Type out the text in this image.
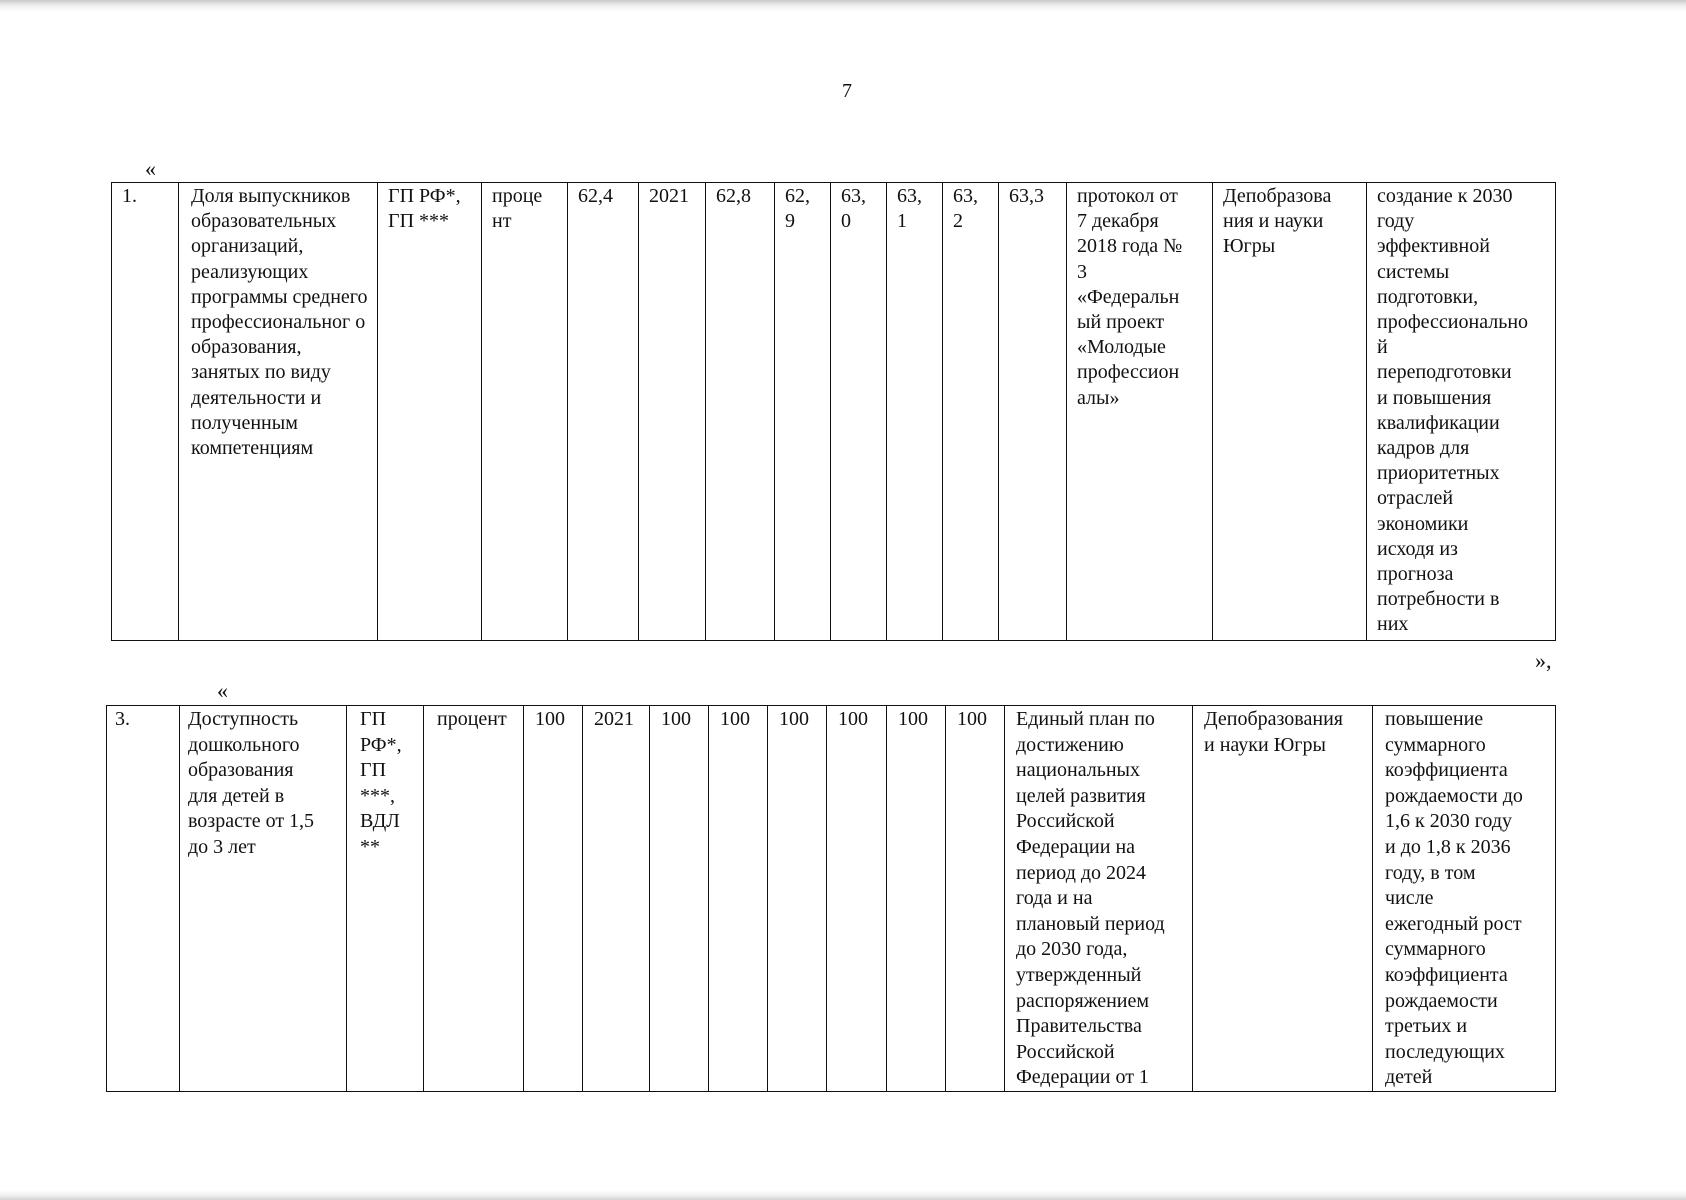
7
«
1.	Доля выпускников образовательных организаций, реализующих программы среднего профессиональног о образования, занятых по виду деятельности и полученным компетенциям	ГП РФ*,
ГП ***	проце
нт	62,4	2021	62,8	62,
9	63,
0	63,
1	63,
2	63,3	протокол от
7 декабря
2018 года №
3
«Федеральн
ый проект
«Молодые
профессион
алы»	Депобразова
ния и науки
Югры	создание к 2030
году
эффективной
системы
подготовки,
профессионально
й
переподготовки
и повышения
квалификации
кадров для
приоритетных
отраслей
экономики
исходя из
прогноза
потребности в
них
»,
«
3.	Доступность
дошкольного
образования
для детей в
возрасте от 1,5
до 3 лет	ГП
РФ*,
ГП
***,
ВДЛ
**	процент	100	2021	100	100	100	100	100	100	Единый план по
достижению
национальных
целей развития
Российской
Федерации на
период до 2024
года и на
плановый период
до 2030 года,
утвержденный
распоряжением
Правительства
Российской
Федерации от 1	Депобразования
и науки Югры	повышение
суммарного
коэффициента
рождаемости до
1,6 к 2030 году
и до 1,8 к 2036
году, в том
числе
ежегодный рост
суммарного
коэффициента
рождаемости
третьих и
последующих
детей
